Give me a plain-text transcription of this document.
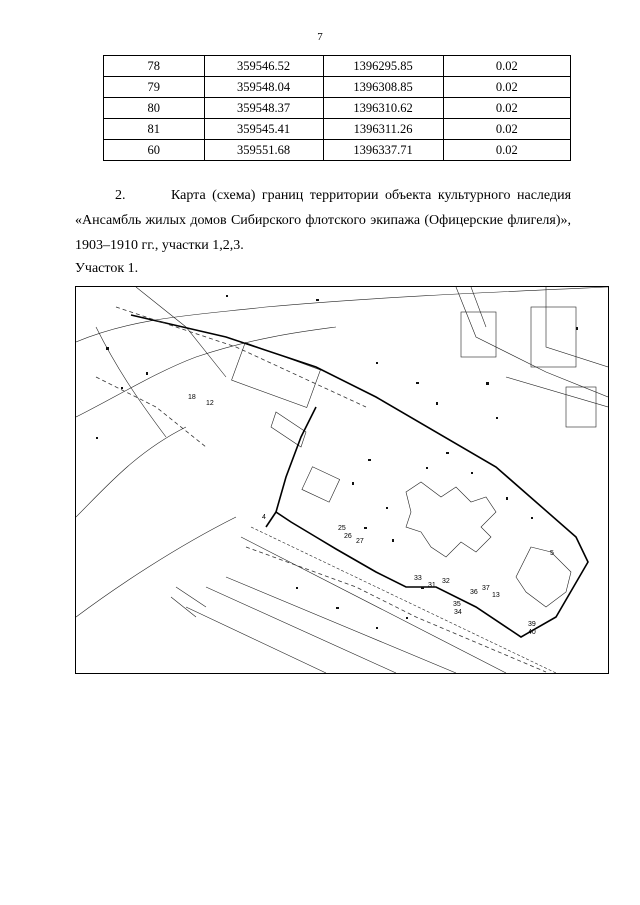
7
78	359546.52	1396295.85	0.02
79	359548.04	1396308.85	0.02
80	359548.37	1396310.62	0.02
81	359545.41	1396311.26	0.02
60	359551.68	1396337.71	0.02
2.	Карта (схема) границ территории объекта культурного наследия «Ансамбль жилых домов Сибирского флотского экипажа (Офицерские флигеля)», 1903–1910 гг., участки 1,2,3.
Участок 1.
18
12
4
25
26
27
33
31
32
35
34
36
37
13
39
40
5
